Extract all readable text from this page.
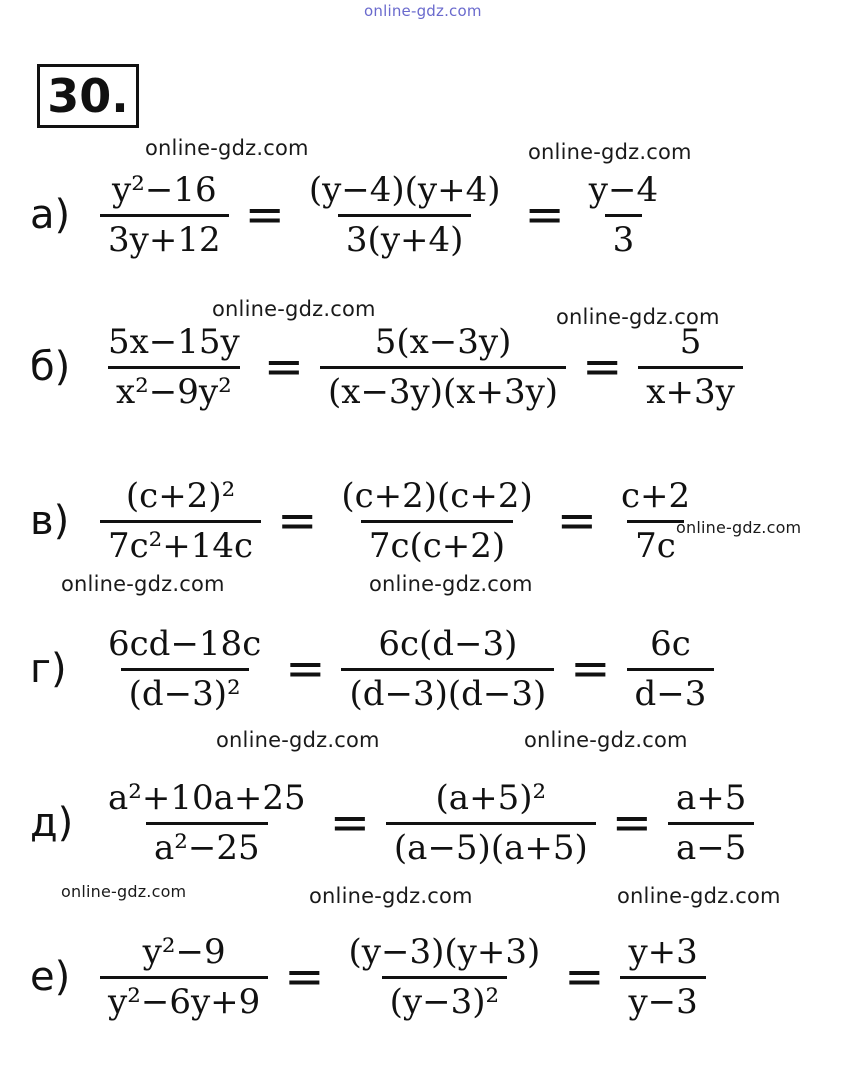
online-gdz.com
online-gdz.com	online-gdz.com
online-gdz.com	online-gdz.com
online-gdz.com
online-gdz.com	online-gdz.com
online-gdz.com	online-gdz.com
online-gdz.com	online-gdz.com	online-gdz.com
30.
$а) \frac{\text{y²−16}}{3y+12} = \frac{(y-4)(y+4)}{3(y+4)} = \frac{y-4}{3}$
$б) \frac{5x-15y}{\text{x²−9y²}} = \frac{5(x-3y)}{(x-3y)(x+3y)} = \frac{5}{x+3y}$
$в) \frac{\text{(c+2)²}}{\text{7c²+14c}} = \frac{(c+2)(c+2)}{7c(c+2)} = \frac{c+2}{7c}$
$г) \frac{6cd-18c}{\text{(d−3)²}} = \frac{6c(d-3)}{(d-3)(d-3)} = \frac{6c}{d-3}$
$д) \frac{\text{a²+10a+25}}{\text{a²−25}} = \frac{\text{(a+5)²}}{(a-5)(a+5)} = \frac{a+5}{a-5}$
$е) \frac{\text{y²−9}}{\text{y²−6y+9}} = \frac{(y-3)(y+3)}{\text{(y−3)²}} = \frac{y+3}{y-3}$
